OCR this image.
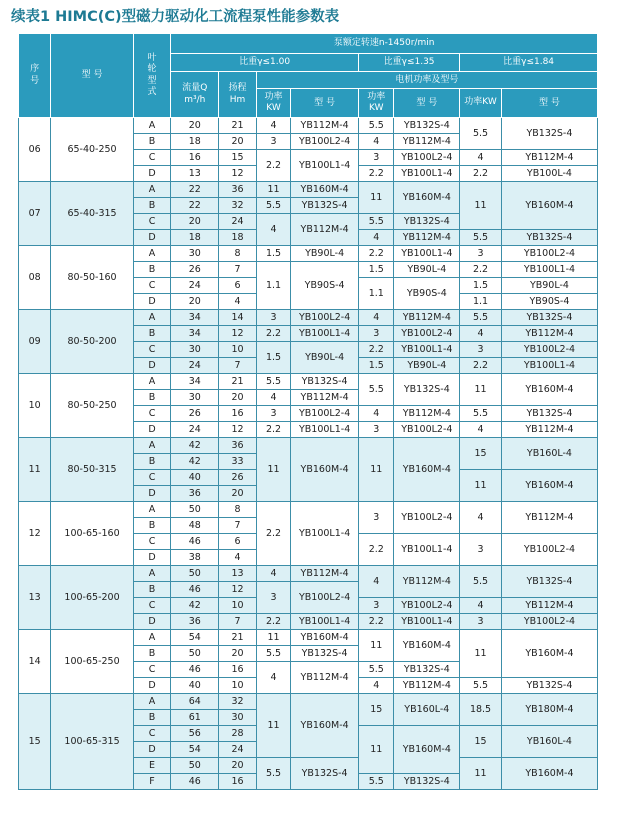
续表1 HIMC(C)型磁力驱动化工流程泵性能参数表
序号	型 号	叶轮型式	泵额定转速n-1450r/min							
			比重γ≤1.00				比重γ≤1.35		比重γ≤1.84	
			流量Q m³/h	扬程Hm	电机功率及型号					
					功率KW	型 号	功率KW	型 号	功率KW	型 号
06	65-40-250	A	20	21	4	YB112M-4	5.5	YB132S-4	5.5	YB132S-4
		B	18	20	3	YB100L2-4	4	YB112M-4		
		C	16	15	2.2	YB100L1-4	3	YB100L2-4	4	YB112M-4
		D	13	12			2.2	YB100L1-4	2.2	YB100L-4
07	65-40-315	A	22	36	11	YB160M-4	11	YB160M-4	11	YB160M-4
		B	22	32	5.5	YB132S-4				
		C	20	24	4	YB112M-4	5.5	YB132S-4		
		D	18	18			4	YB112M-4	5.5	YB132S-4
08	80-50-160	A	30	8	1.5	YB90L-4	2.2	YB100L1-4	3	YB100L2-4
		B	26	7	1.1	YB90S-4	1.5	YB90L-4	2.2	YB100L1-4
		C	24	6			1.1	YB90S-4	1.5	YB90L-4
		D	20	4					1.1	YB90S-4
09	80-50-200	A	34	14	3	YB100L2-4	4	YB112M-4	5.5	YB132S-4
		B	34	12	2.2	YB100L1-4	3	YB100L2-4	4	YB112M-4
		C	30	10	1.5	YB90L-4	2.2	YB100L1-4	3	YB100L2-4
		D	24	7			1.5	YB90L-4	2.2	YB100L1-4
10	80-50-250	A	34	21	5.5	YB132S-4	5.5	YB132S-4	11	YB160M-4
		B	30	20	4	YB112M-4				
		C	26	16	3	YB100L2-4	4	YB112M-4	5.5	YB132S-4
		D	24	12	2.2	YB100L1-4	3	YB100L2-4	4	YB112M-4
11	80-50-315	A	42	36	11	YB160M-4	11	YB160M-4	15	YB160L-4
		B	42	33						
		C	40	26					11	YB160M-4
		D	36	20						
12	100-65-160	A	50	8	2.2	YB100L1-4	3	YB100L2-4	4	YB112M-4
		B	48	7						
		C	46	6			2.2	YB100L1-4	3	YB100L2-4
		D	38	4						
13	100-65-200	A	50	13	4	YB112M-4	4	YB112M-4	5.5	YB132S-4
		B	46	12	3	YB100L2-4				
		C	42	10			3	YB100L2-4	4	YB112M-4
		D	36	7	2.2	YB100L1-4	2.2	YB100L1-4	3	YB100L2-4
14	100-65-250	A	54	21	11	YB160M-4	11	YB160M-4	11	YB160M-4
		B	50	20	5.5	YB132S-4				
		C	46	16	4	YB112M-4	5.5	YB132S-4		
		D	40	10			4	YB112M-4	5.5	YB132S-4
15	100-65-315	A	64	32	11	YB160M-4	15	YB160L-4	18.5	YB180M-4
		B	61	30						
		C	56	28			11	YB160M-4	15	YB160L-4
		D	54	24						
		E	50	20	5.5	YB132S-4			11	YB160M-4
		F	46	16			5.5	YB132S-4		
